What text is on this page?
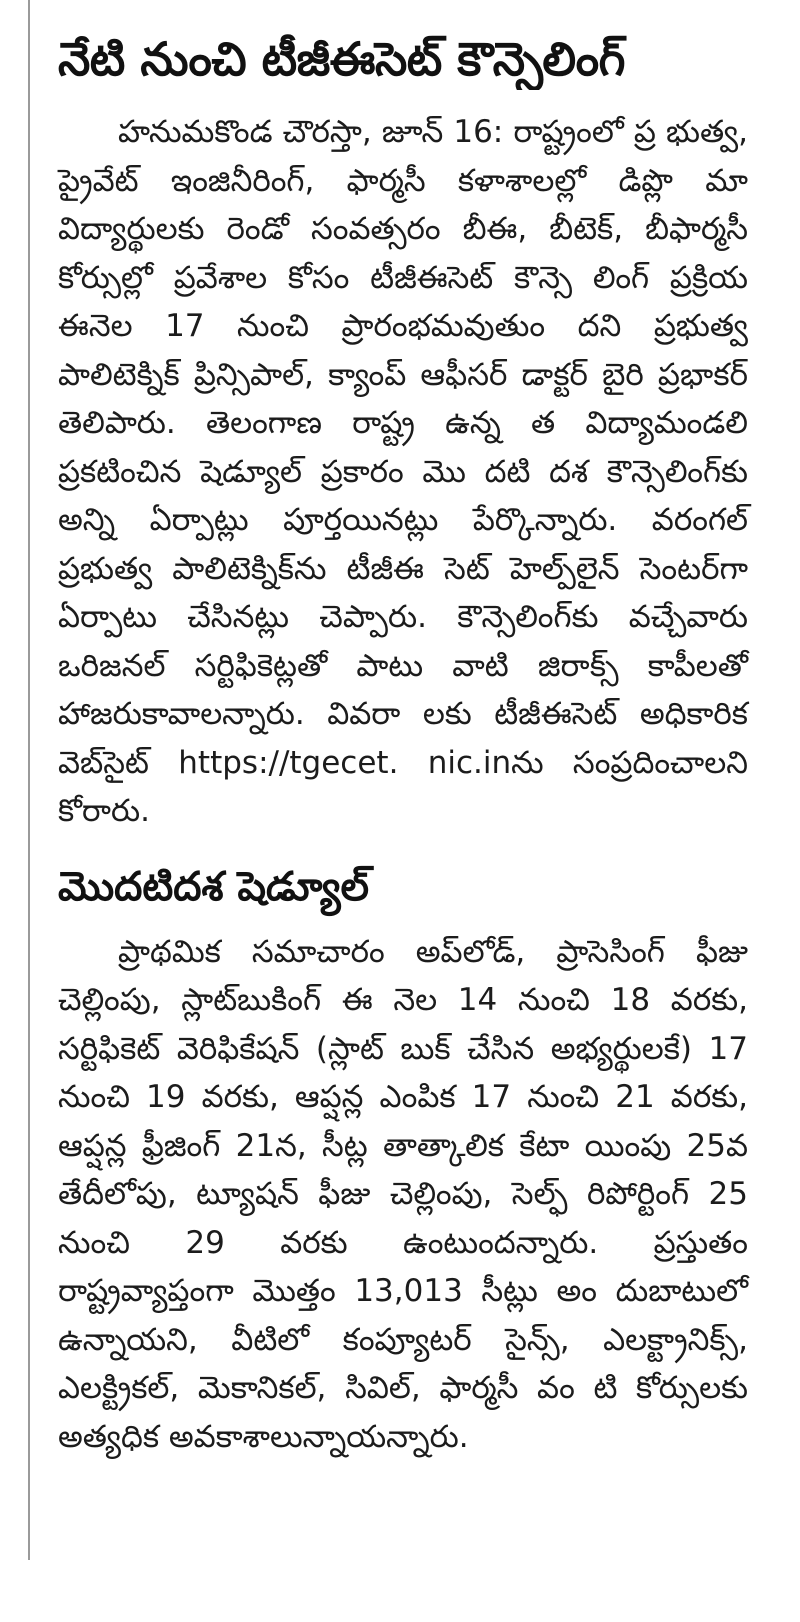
నేటి నుంచి టీజీఈసెట్ కౌన్సెలింగ్

హనుమకొండ చౌరస్తా, జూన్ 16: రాష్ట్రంలో ప్ర భుత్వ, ప్రైవేట్ ఇంజినీరింగ్, ఫార్మసీ కళాశాలల్లో డిప్లొ మా విద్యార్థులకు రెండో సంవత్సరం బీఈ, బీటెక్, బీఫార్మసీ కోర్సుల్లో ప్రవేశాల కోసం టీజీఈసెట్ కౌన్సె లింగ్ ప్రక్రియ ఈనెల 17 నుంచి ప్రారంభమవుతుం దని ప్రభుత్వ పాలిటెక్నిక్ ప్రిన్సిపాల్, క్యాంప్ ఆఫీసర్ డాక్టర్ బైరి ప్రభాకర్ తెలిపారు. తెలంగాణ రాష్ట్ర ఉన్న త విద్యామండలి ప్రకటించిన షెడ్యూల్ ప్రకారం మొ దటి దశ కౌన్సెలింగ్‌కు అన్ని ఏర్పాట్లు పూర్తయినట్లు పేర్కొన్నారు. వరంగల్ ప్రభుత్వ పాలిటెక్నిక్‌ను టీజీఈ సెట్ హెల్ప్‌లైన్ సెంటర్‌గా ఏర్పాటు చేసినట్లు చెప్పారు. కౌన్సెలింగ్‌కు వచ్చేవారు ఒరిజనల్ సర్టిఫికెట్లతో పాటు వాటి జిరాక్స్ కాపీలతో హాజరుకావాలన్నారు. వివరా లకు టీజీఈసెట్ అధికారిక వెబ్‌సైట్ https://tgecet. nic.inను సంప్రదించాలని కోరారు.

మొదటిదశ షెడ్యూల్

ప్రాథమిక సమాచారం అప్‌లోడ్, ప్రాసెసింగ్ ఫీజు చెల్లింపు, స్లాట్‌బుకింగ్ ఈ నెల 14 నుంచి 18 వరకు, సర్టిఫికెట్ వెరిఫికేషన్ (స్లాట్ బుక్ చేసిన అభ్యర్థులకే) 17 నుంచి 19 వరకు, ఆప్షన్ల ఎంపిక 17 నుంచి 21 వరకు, ఆప్షన్ల ఫ్రీజింగ్ 21న, సీట్ల తాత్కాలిక కేటా యింపు 25వ తేదీలోపు, ట్యూషన్ ఫీజు చెల్లింపు, సెల్ఫ్ రిపోర్టింగ్ 25 నుంచి 29 వరకు ఉంటుందన్నారు. ప్రస్తుతం రాష్ట్రవ్యాప్తంగా మొత్తం 13,013 సీట్లు అం దుబాటులో ఉన్నాయని, వీటిలో కంప్యూటర్ సైన్స్, ఎలక్ట్రానిక్స్, ఎలక్ట్రికల్, మెకానికల్, సివిల్, ఫార్మసీ వం టి కోర్సులకు అత్యధిక అవకాశాలున్నాయన్నారు.
